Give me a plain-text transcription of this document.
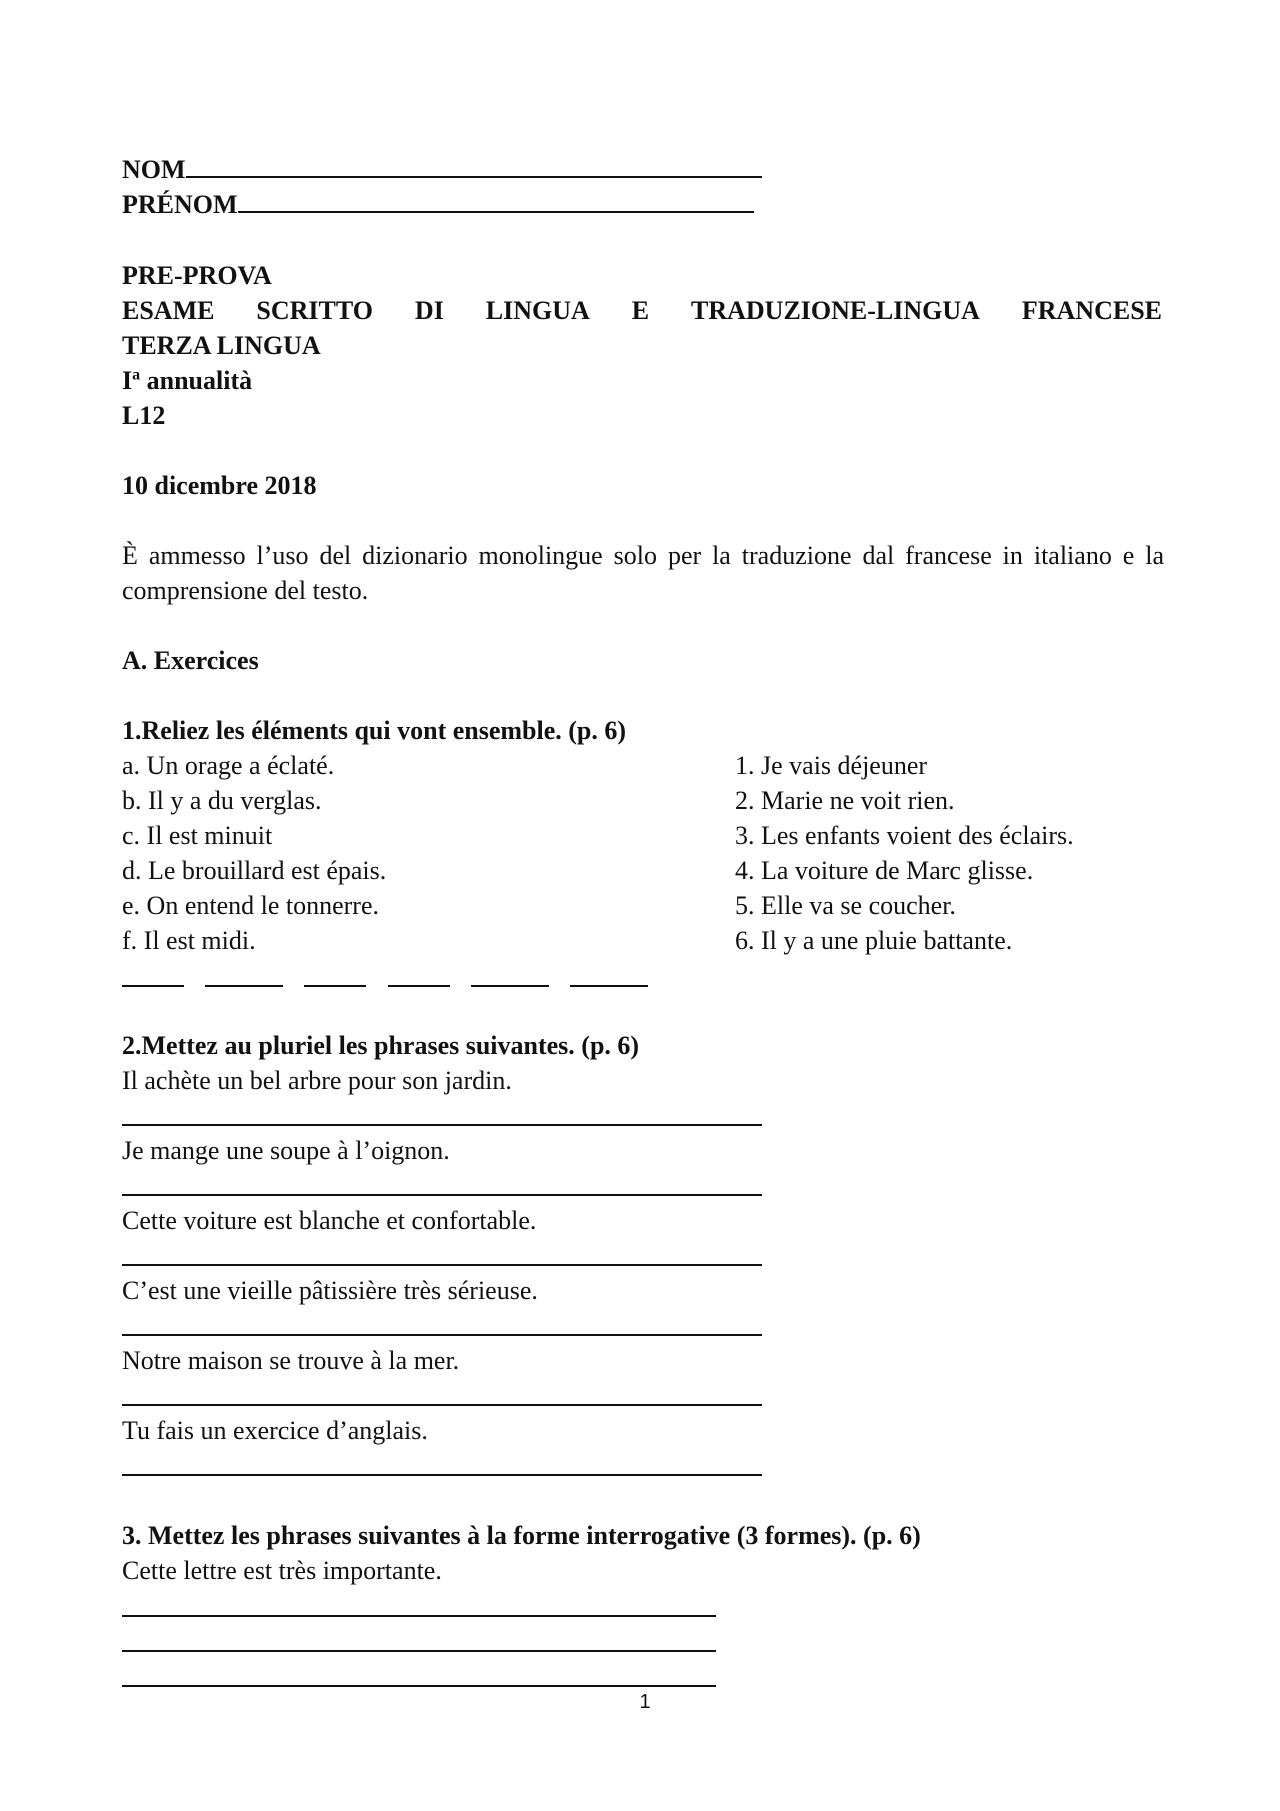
NOM
PRÉNOM
PRE-PROVA
ESAME SCRITTO DI LINGUA E TRADUZIONE-LINGUA FRANCESE
TERZA LINGUA
$I^a$ annualità
L12
10 dicembre 2018
È ammesso l’uso del dizionario monolingue solo per la traduzione dal francese in italiano e la comprensione del testo.
A. Exercices
1.Reliez les éléments qui vont ensemble. (p. 6)
a. Un orage a éclaté.
b. Il y a du verglas.
c. Il est minuit
d. Le brouillard est épais.
e. On entend le tonnerre.
f. Il est midi.
1. Je vais déjeuner
2. Marie ne voit rien.
3. Les enfants voient des éclairs.
4. La voiture de Marc glisse.
5. Elle va se coucher.
6. Il y a une pluie battante.
2.Mettez au pluriel les phrases suivantes. (p. 6)
Il achète un bel arbre pour son jardin.
Je mange une soupe à l’oignon.
Cette voiture est blanche et confortable.
C’est une vieille pâtissière très sérieuse.
Notre maison se trouve à la mer.
Tu fais un exercice d’anglais.
3. Mettez les phrases suivantes à la forme interrogative (3 formes). (p. 6)
Cette lettre est très importante.
1
